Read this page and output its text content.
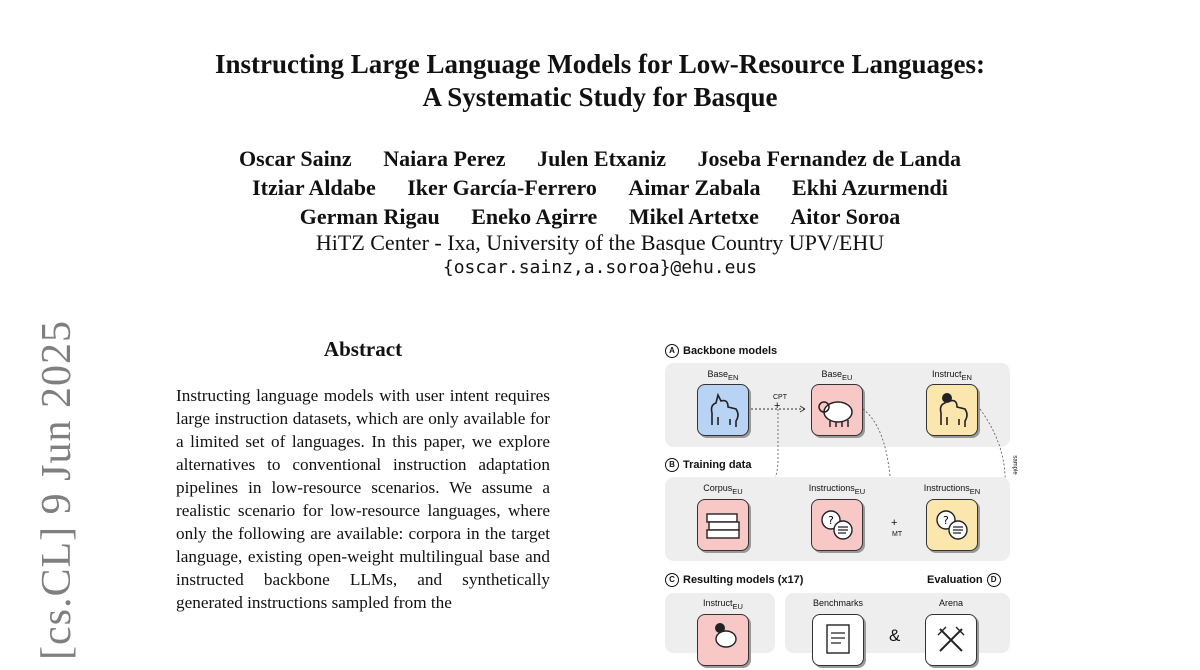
[cs.CL] 9 Jun 2025
Instructing Large Language Models for Low-Resource Languages:
A Systematic Study for Basque
Oscar Sainz Naiara Perez Julen Etxaniz Joseba Fernandez de Landa
Itziar Aldabe Iker García-Ferrero Aimar Zabala Ekhi Azurmendi
German Rigau Eneko Agirre Mikel Artetxe Aitor Soroa
HiTZ Center - Ixa, University of the Basque Country UPV/EHU
{oscar.sainz,a.soroa}@ehu.eus
Abstract
Instructing language models with user intent requires large instruction datasets, which are only available for a limited set of languages. In this paper, we explore alternatives to conventional instruction adaptation pipelines in low-resource scenarios. We assume a realistic scenario for low-resource languages, where only the following are available: corpora in the target language, existing open-weight multilingual base and instructed backbone LLMs, and synthetically generated instructions sampled from the
A Backbone models
Base$_{EN}$	Base$_{EU}$	Instruct$_{EN}$
CPT
+
B Training data
Corpus$_{EU}$	Instructions$_{EU}$
?
Instructions$_{EN}$
?
+
MT
sample
C Resulting models (x17)	Evaluation	D
Instruct$_{EU}$	Benchmarks
&
Arena
